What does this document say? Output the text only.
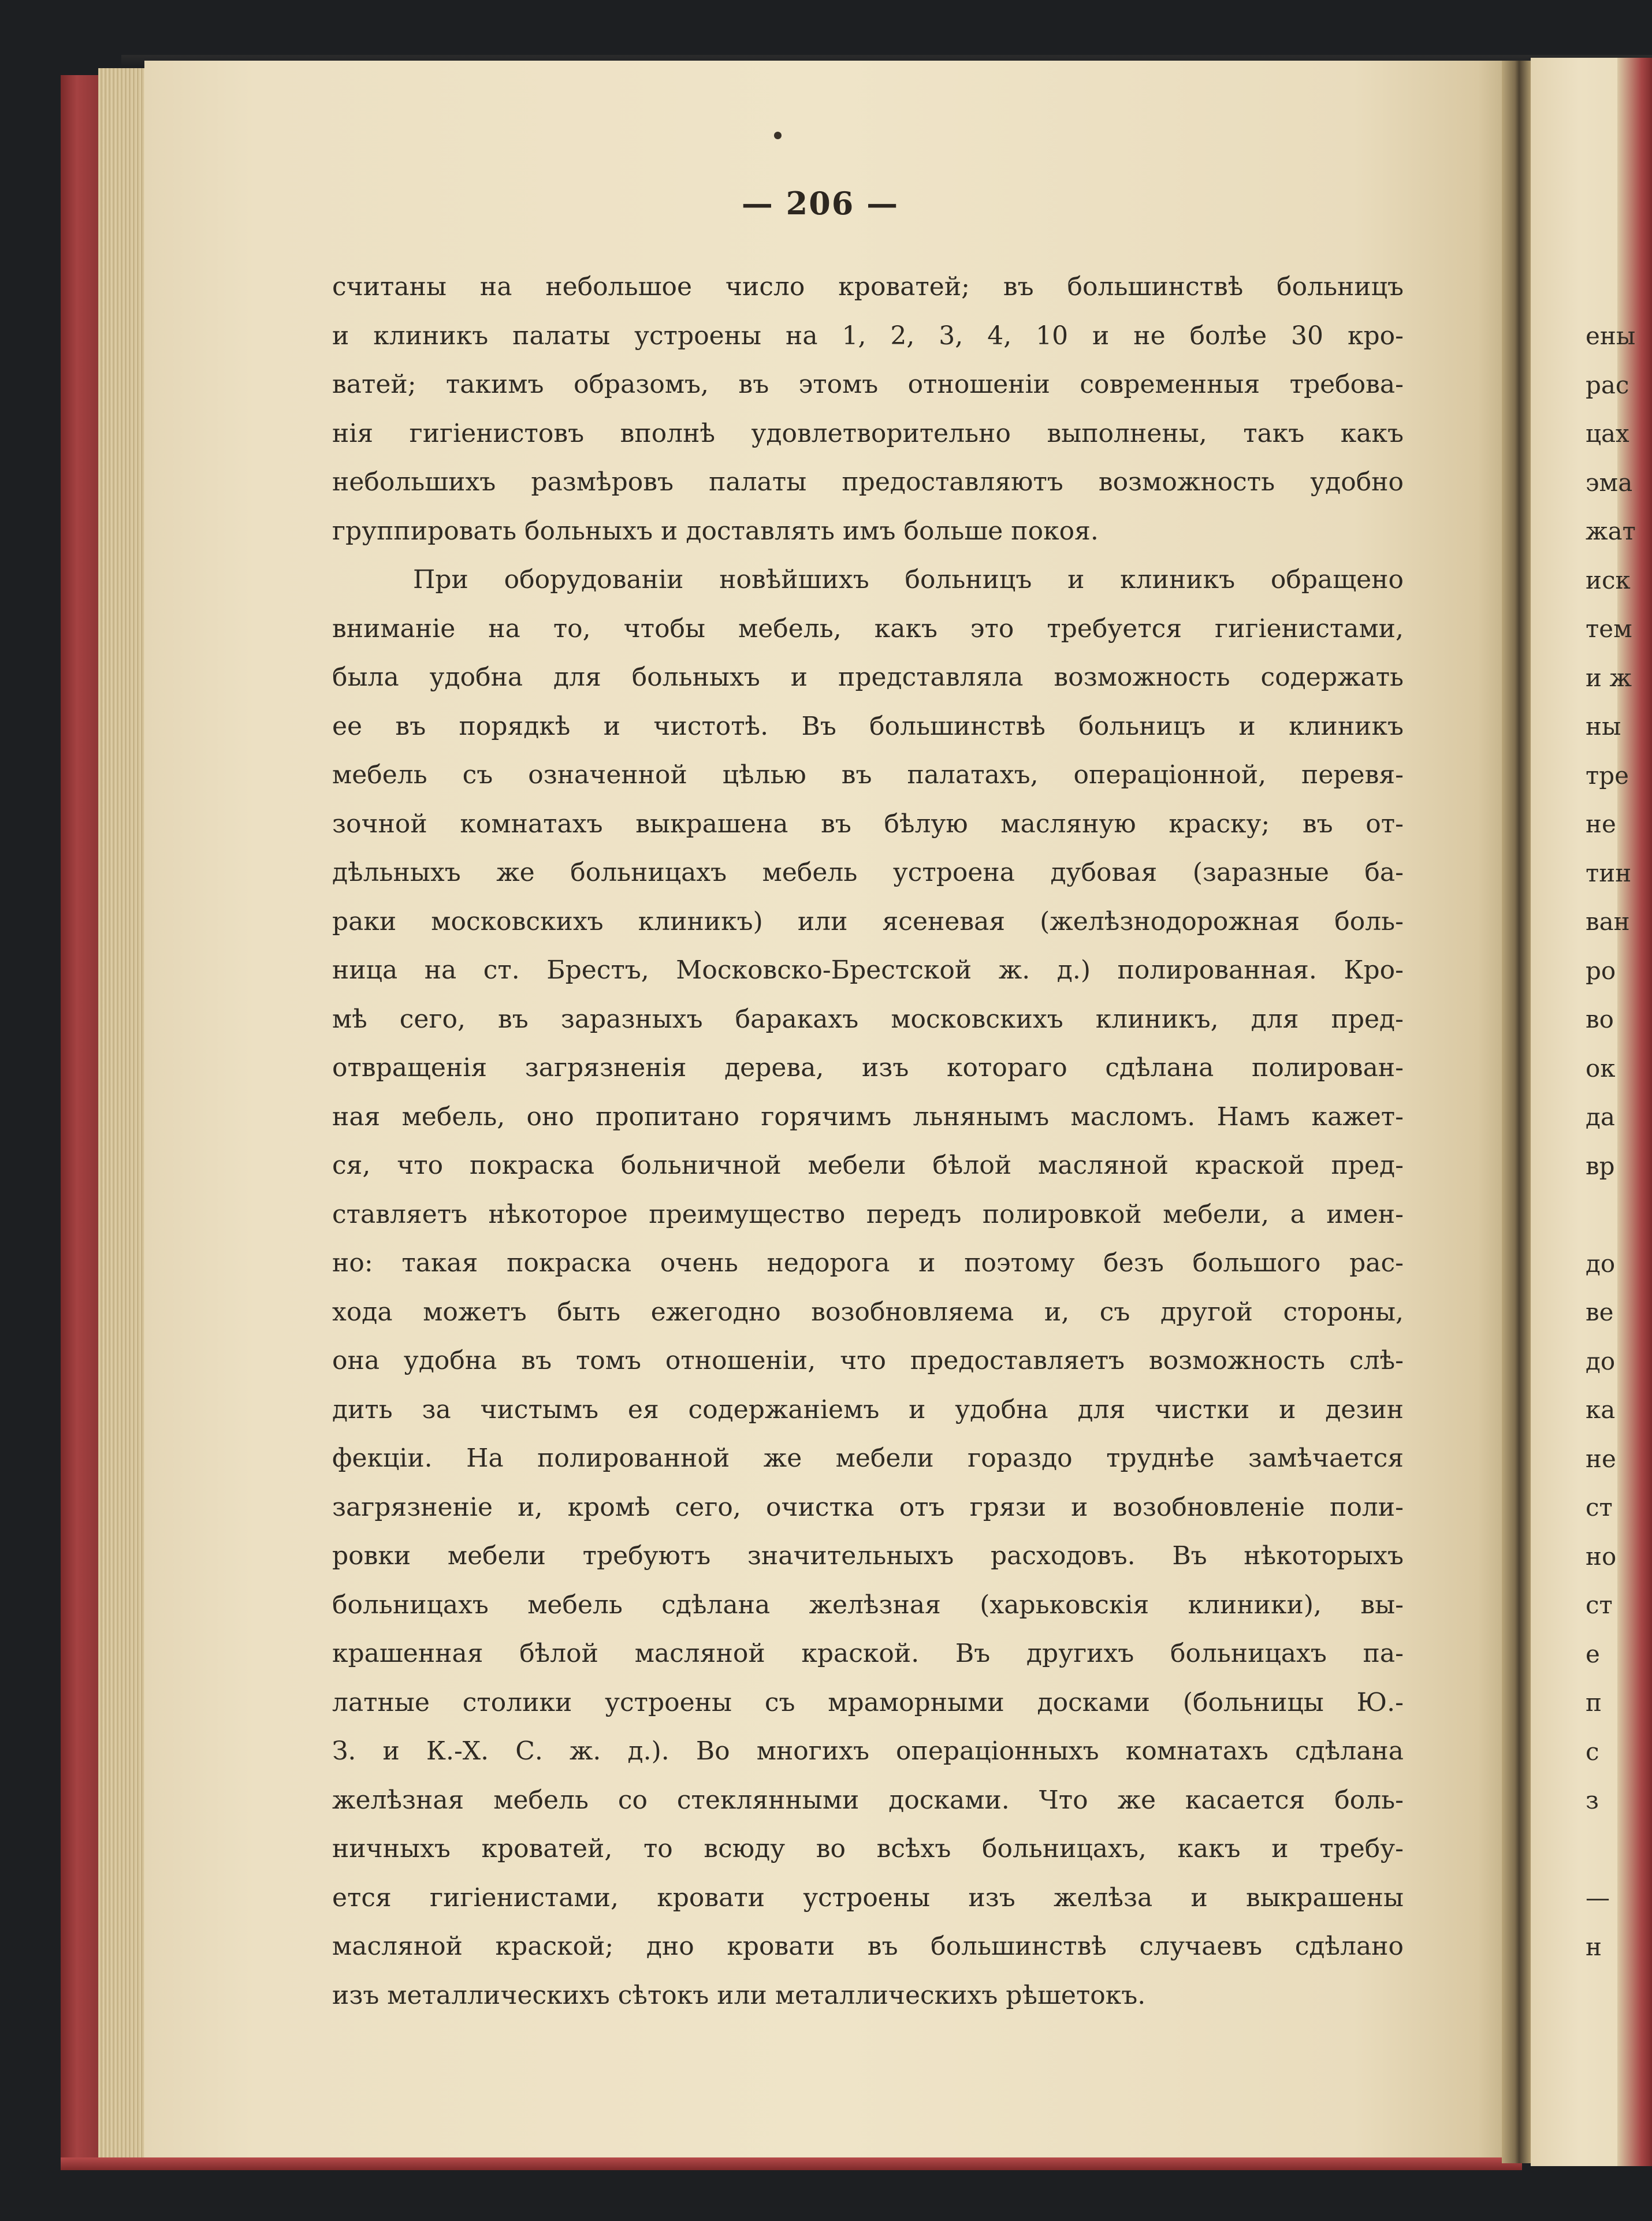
— 206 —
считаны на небольшое число кроватей; въ большинствѣ больницъ
и клиникъ палаты устроены на 1, 2, 3, 4, 10 и не болѣе 30 кро-
ватей; такимъ образомъ, въ этомъ отношеніи современныя требова-
нія гигіенистовъ вполнѣ удовлетворительно выполнены, такъ какъ
небольшихъ размѣровъ палаты предоставляютъ возможность удобно
группировать больныхъ и доставлять имъ больше покоя.
При оборудованіи новѣйшихъ больницъ и клиникъ обращено
вниманіе на то, чтобы мебель, какъ это требуется гигіенистами,
была удобна для больныхъ и представляла возможность содержать
ее въ порядкѣ и чистотѣ. Въ большинствѣ больницъ и клиникъ
мебель съ означенной цѣлью въ палатахъ, операціонной, перевя-
зочной комнатахъ выкрашена въ бѣлую масляную краску; въ от-
дѣльныхъ же больницахъ мебель устроена дубовая (заразные ба-
раки московскихъ клиникъ) или ясеневая (желѣзнодорожная боль-
ница на ст. Брестъ, Московско-Брестской ж. д.) полированная. Кро-
мѣ сего, въ заразныхъ баракахъ московскихъ клиникъ, для пред-
отвращенія загрязненія дерева, изъ котораго сдѣлана полирован-
ная мебель, оно пропитано горячимъ льнянымъ масломъ. Намъ кажет-
ся, что покраска больничной мебели бѣлой масляной краской пред-
ставляетъ нѣкоторое преимущество передъ полировкой мебели, а имен-
но: такая покраска очень недорога и поэтому безъ большого рас-
хода можетъ быть ежегодно возобновляема и, съ другой стороны,
она удобна въ томъ отношеніи, что предоставляетъ возможность слѣ-
дить за чистымъ ея содержаніемъ и удобна для чистки и дезин
фекціи. На полированной же мебели гораздо труднѣе замѣчается
загрязненіе и, кромѣ сего, очистка отъ грязи и возобновленіе поли-
ровки мебели требуютъ значительныхъ расходовъ. Въ нѣкоторыхъ
больницахъ мебель сдѣлана желѣзная (харьковскія клиники), вы-
крашенная бѣлой масляной краской. Въ другихъ больницахъ па-
латные столики устроены съ мраморными досками (больницы Ю.-
З. и К.-Х. С. ж. д.). Во многихъ операціонныхъ комнатахъ сдѣлана
желѣзная мебель со стеклянными досками. Что же касается боль-
ничныхъ кроватей, то всюду во всѣхъ больницахъ, какъ и требу-
ется гигіенистами, кровати устроены изъ желѣза и выкрашены
масляной краской; дно кровати въ большинствѣ случаевъ сдѣлано
изъ металлическихъ сѣтокъ или металлическихъ рѣшетокъ.
ены
рас
цах
эма
жат
иск
тем
и ж
ны
тре
не
тин
ван
ро
во
ок
да
вр
до
ве
до
ка
не
ст
но
ст
е
п
с
з
—
н
